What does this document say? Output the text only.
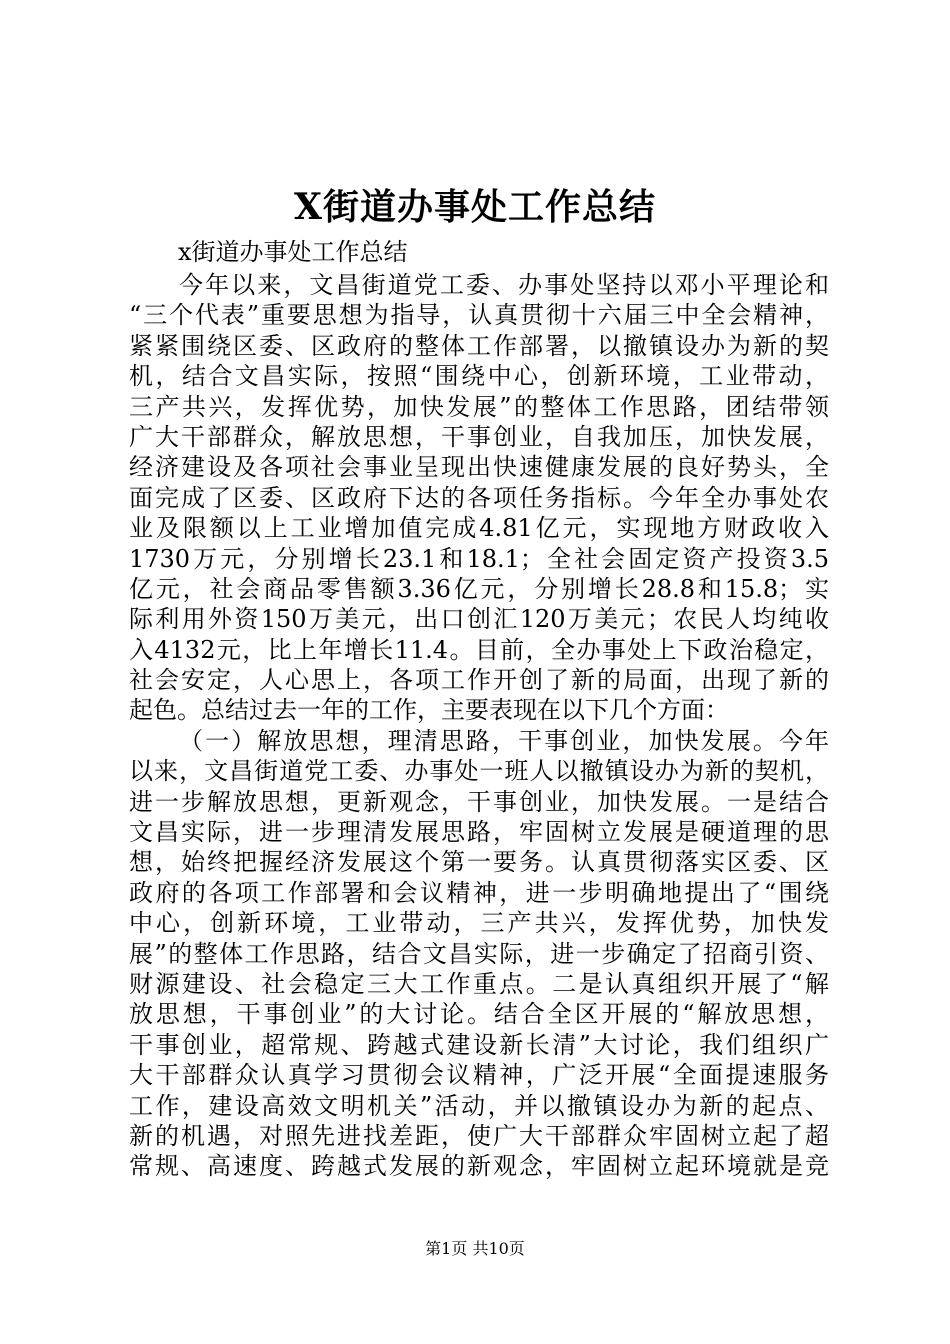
X街道办事处工作总结
x街道办事处工作总结
今年以来，文昌街道党工委、办事处坚持以邓小平理论和
“三个代表”重要思想为指导，认真贯彻十六届三中全会精神，
紧紧围绕区委、区政府的整体工作部署，以撤镇设办为新的契
机，结合文昌实际，按照“围绕中心，创新环境，工业带动，
三产共兴，发挥优势，加快发展”的整体工作思路，团结带领
广大干部群众，解放思想，干事创业，自我加压，加快发展，
经济建设及各项社会事业呈现出快速健康发展的良好势头，全
面完成了区委、区政府下达的各项任务指标。今年全办事处农
业及限额以上工业增加值完成4.81亿元，实现地方财政收入
1730万元，分别增长23.1和18.1；全社会固定资产投资3.5
亿元，社会商品零售额3.36亿元，分别增长28.8和15.8；实
际利用外资150万美元，出口创汇120万美元；农民人均纯收
入4132元，比上年增长11.4。目前，全办事处上下政治稳定，
社会安定，人心思上，各项工作开创了新的局面，出现了新的
起色。总结过去一年的工作，主要表现在以下几个方面：
（一）解放思想，理清思路，干事创业，加快发展。今年
以来，文昌街道党工委、办事处一班人以撤镇设办为新的契机，
进一步解放思想，更新观念，干事创业，加快发展。一是结合
文昌实际，进一步理清发展思路，牢固树立发展是硬道理的思
想，始终把握经济发展这个第一要务。认真贯彻落实区委、区
政府的各项工作部署和会议精神，进一步明确地提出了“围绕
中心，创新环境，工业带动，三产共兴，发挥优势，加快发
展”的整体工作思路，结合文昌实际，进一步确定了招商引资、
财源建设、社会稳定三大工作重点。二是认真组织开展了“解
放思想，干事创业”的大讨论。结合全区开展的“解放思想，
干事创业，超常规、跨越式建设新长清”大讨论，我们组织广
大干部群众认真学习贯彻会议精神，广泛开展“全面提速服务
工作，建设高效文明机关”活动，并以撤镇设办为新的起点、
新的机遇，对照先进找差距，使广大干部群众牢固树立起了超
常规、高速度、跨越式发展的新观念，牢固树立起环境就是竞
第1页 共10页
